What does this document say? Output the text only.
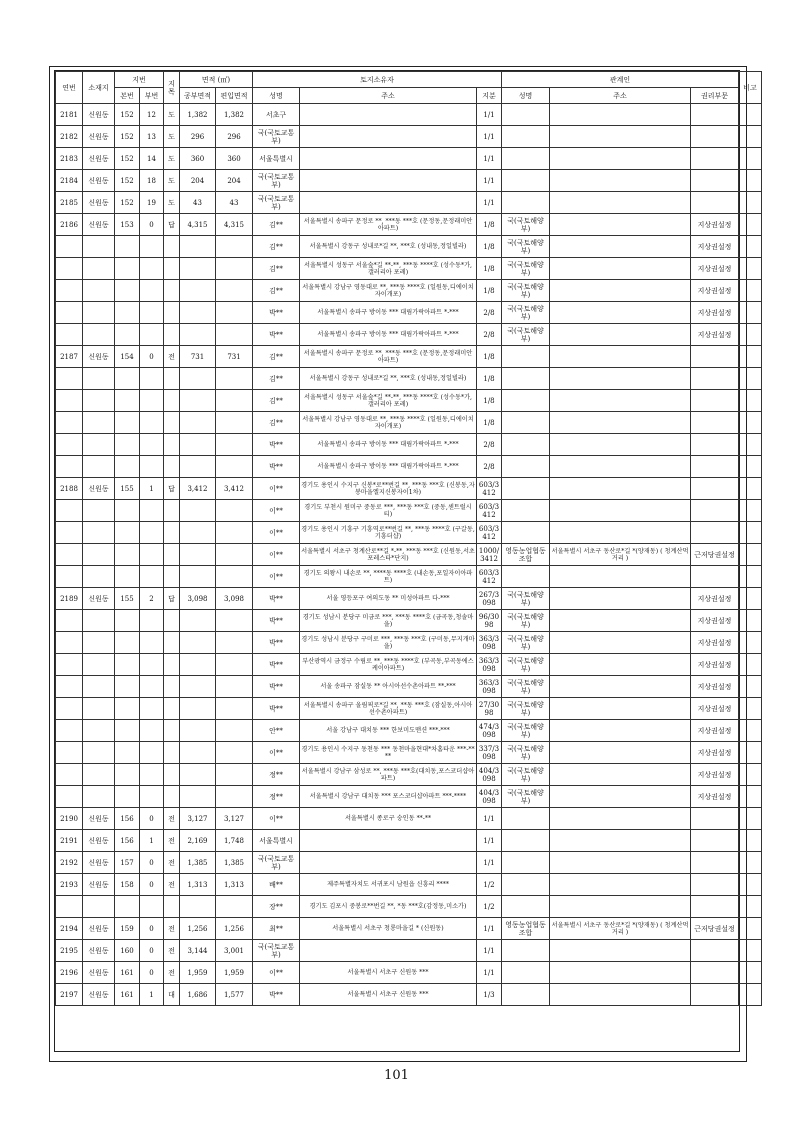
연번	소재지	지번		지목	면적 (㎡)		토지소유자			관계인			비고
		본번	부번		공부면적	편입면적	성명	주소	지분	성명	주소	권리부문	
2181	신원동	152	12	도	1,382	1,382	서초구		1/1				
2182	신원동	152	13	도	296	296	국(국토교통부)		1/1				
2183	신원동	152	14	도	360	360	서울특별시		1/1				
2184	신원동	152	18	도	204	204	국(국토교통부)		1/1				
2185	신원동	152	19	도	43	43	국(국토교통부)		1/1				
2186	신원동	153	0	답	4,315	4,315	김**	서울특별시 송파구 문정로 **, ***동 ***호 (문정동,문정래미안아파트)	1/8	국(국토해양부)		지상권설정	
							김**	서울특별시 강동구 성내로*길 **, ***호 (성내동,정일빌라)	1/8	국(국토해양부)		지상권설정	
							김**	서울특별시 성동구 서울숲*길 **-**, ***동 ****호 (성수동*가,갤러리아 포레)	1/8	국(국토해양부)		지상권설정	
							김**	서울특별시 강남구 영동대로 **, ***동 ****호 (일원동,디에이치자이개포)	1/8	국(국토해양부)		지상권설정	
							박**	서울특별시 송파구 방이동 *** 대림가락아파트 *-***	2/8	국(국토해양부)		지상권설정	
							박**	서울특별시 송파구 방이동 *** 대림가락아파트 *-***	2/8	국(국토해양부)		지상권설정	
2187	신원동	154	0	전	731	731	김**	서울특별시 송파구 문정로 **, ***동 ***호 (문정동,문정래미안아파트)	1/8				
							김**	서울특별시 강동구 성내로*길 **, ***호 (성내동,정일빌라)	1/8				
							김**	서울특별시 성동구 서울숲*길 **-**, ***동 ****호 (성수동*가,갤러리아 포레)	1/8				
							김**	서울특별시 강남구 영동대로 **, ***동 ****호 (일원동,디에이치자이개포)	1/8				
							박**	서울특별시 송파구 방이동 *** 대림가락아파트 *-***	2/8				
							박**	서울특별시 송파구 방이동 *** 대림가락아파트 *-***	2/8				
2188	신원동	155	1	답	3,412	3,412	이**	경기도 용인시 수지구 신봉*로**번길 **, ***동 ***호 (신봉동,자봉마을엘지신봉자이1차)	603/3412				
							이**	경기도 부천시 원미구 중동로 ***, ***동 ***호 (중동,센트럴시티)	603/3412				
							이**	경기도 용인시 기흥구 기흥역로**번길 **, ***동 ****호 (구갈동,기흥더샵)	603/3412				
							이**	서울특별시 서초구 청계산로**길 *-**, ***동 ***호 (신원동,서초포레스타*단지)	1000/3412	영동농업협동조합	서울특별시 서초구 동산로*길 *(양재동) ( 청계산먹거리 )	근저당권설정	
							이**	경기도 의왕시 내손로 **, ****동 ****호 (내손동,포일자이아파트)	603/3412				
2189	신원동	155	2	답	3,098	3,098	박**	서울 영등포구 여의도동 ** 미성아파트 다-***	267/3098	국(국토해양부)		지상권설정	
							박**	경기도 성남시 분당구 미금로 ***, ***동 ****호 (금곡동,청솔마을)	96/3098	국(국토해양부)		지상권설정	
							박**	경기도 성남시 분당구 구미로 ***, ***동 ***호 (구미동,무지개마을)	363/3098	국(국토해양부)		지상권설정	
							박**	부산광역시 금정구 수림로 **, ***동 ****호 (부곡동,부곡동에스케이아파트)	363/3098	국(국토해양부)		지상권설정	
							박**	서울 송파구 잠실동 ** 아시아선수촌아파트 **-***	363/3098	국(국토해양부)		지상권설정	
							박**	서울특별시 송파구 올림픽로*길 **, **동 ***호 (잠실동,아시아선수촌아파트)	27/3098	국(국토해양부)		지상권설정	
							안**	서울 강남구 대치동 *** 한보미도맨션 ***-***	474/3098	국(국토해양부)		지상권설정	
							이**	경기도 용인시 수지구 동천동 *** 동천마을현대*차홈타운 ***-****	337/3098	국(국토해양부)		지상권설정	
							정**	서울특별시 강남구 삼성로 **, ***동 ***호(대치동,포스코더샵아파트)	404/3098	국(국토해양부)		지상권설정	
							정**	서울특별시 강남구 대치동 *** 포스코더샵아파트 ***-****	404/3098	국(국토해양부)		지상권설정	
2190	신원동	156	0	전	3,127	3,127	이**	서울특별시 종로구 숭인동 **-**	1/1				
2191	신원동	156	1	전	2,169	1,748	서울특별시		1/1				
2192	신원동	157	0	전	1,385	1,385	국(국토교통부)		1/1				
2193	신원동	158	0	전	1,313	1,313	배**	제주특별자치도 서귀포시 남원읍 신흥리 ****	1/2				
							장**	경기도 김포시 중봉로**번길 **, *동 ***호(감정동,미소가)	1/2				
2194	신원동	159	0	전	1,256	1,256	최**	서울특별시 서초구 청룡마을길 * (신원동)	1/1	영동농업협동조합	서울특별시 서초구 동산로*길 *(양재동) ( 청계산먹거리 )	근저당권설정	
2195	신원동	160	0	전	3,144	3,001	국(국토교통부)		1/1				
2196	신원동	161	0	전	1,959	1,959	이**	서울특별시 서초구 신원동 ***	1/1				
2197	신원동	161	1	대	1,686	1,577	박**	서울특별시 서초구 신원동 ***	1/3				
101
